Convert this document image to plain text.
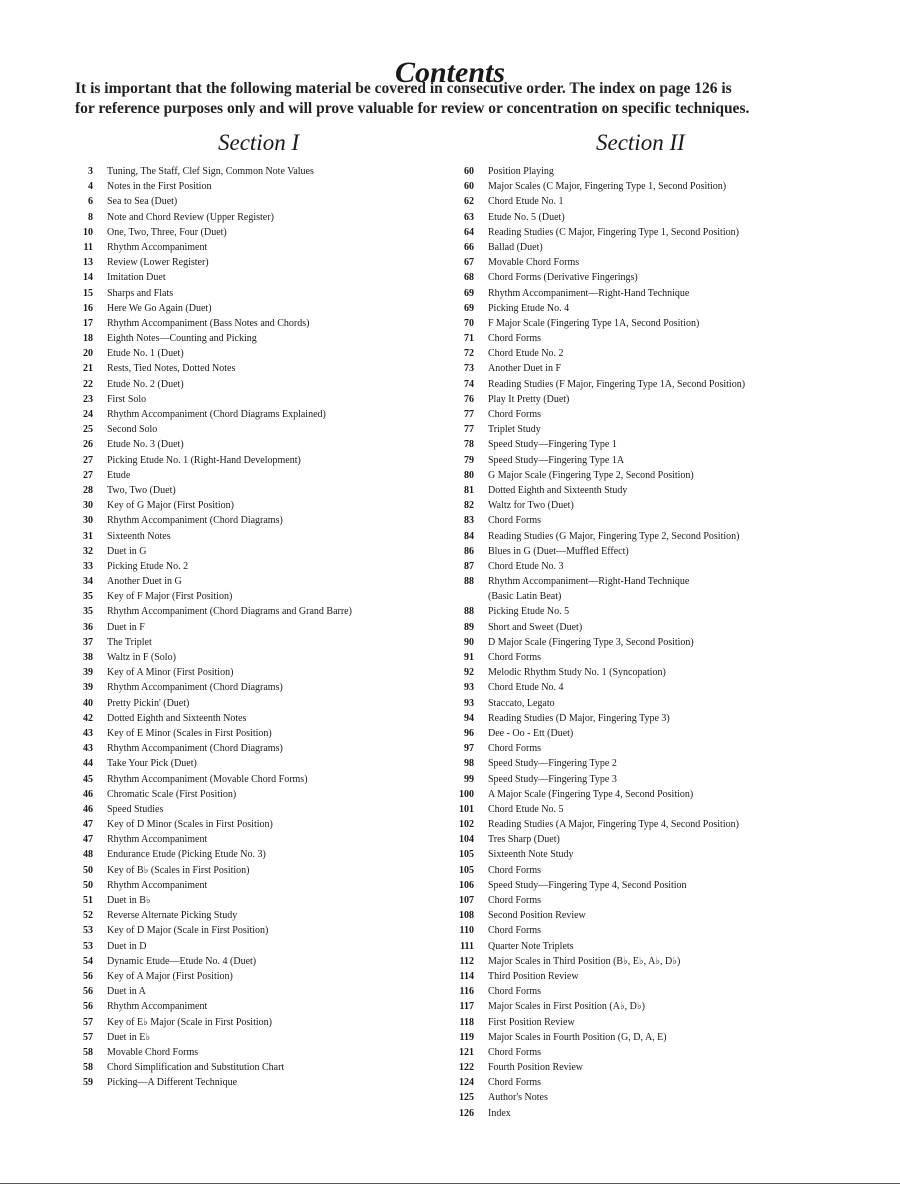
Contents
It is important that the following material be covered in consecutive order. The index on page 126 is
for reference purposes only and will prove valuable for review or concentration on specific techniques.
Section I	Section II
3 Tuning, The Staff, Clef Sign, Common Note Values
4 Notes in the First Position
6 Sea to Sea (Duet)
8 Note and Chord Review (Upper Register)
10 One, Two, Three, Four (Duet)
11 Rhythm Accompaniment
13 Review (Lower Register)
14 Imitation Duet
15 Sharps and Flats
16 Here We Go Again (Duet)
17 Rhythm Accompaniment (Bass Notes and Chords)
18 Eighth Notes—Counting and Picking
20 Etude No. 1 (Duet)
21 Rests, Tied Notes, Dotted Notes
22 Etude No. 2 (Duet)
23 First Solo
24 Rhythm Accompaniment (Chord Diagrams Explained)
25 Second Solo
26 Etude No. 3 (Duet)
27 Picking Etude No. 1 (Right-Hand Development)
27 Etude
28 Two, Two (Duet)
30 Key of G Major (First Position)
30 Rhythm Accompaniment (Chord Diagrams)
31 Sixteenth Notes
32 Duet in G
33 Picking Etude No. 2
34 Another Duet in G
35 Key of F Major (First Position)
35 Rhythm Accompaniment (Chord Diagrams and Grand Barre)
36 Duet in F
37 The Triplet
38 Waltz in F (Solo)
39 Key of A Minor (First Position)
39 Rhythm Accompaniment (Chord Diagrams)
40 Pretty Pickin' (Duet)
42 Dotted Eighth and Sixteenth Notes
43 Key of E Minor (Scales in First Position)
43 Rhythm Accompaniment (Chord Diagrams)
44 Take Your Pick (Duet)
45 Rhythm Accompaniment (Movable Chord Forms)
46 Chromatic Scale (First Position)
46 Speed Studies
47 Key of D Minor (Scales in First Position)
47 Rhythm Accompaniment
48 Endurance Etude (Picking Etude No. 3)
50 Key of B♭ (Scales in First Position)
50 Rhythm Accompaniment
51 Duet in B♭
52 Reverse Alternate Picking Study
53 Key of D Major (Scale in First Position)
53 Duet in D
54 Dynamic Etude—Etude No. 4 (Duet)
56 Key of A Major (First Position)
56 Duet in A
56 Rhythm Accompaniment
57 Key of E♭ Major (Scale in First Position)
57 Duet in E♭
58 Movable Chord Forms
58 Chord Simplification and Substitution Chart
59 Picking—A Different Technique
60 Position Playing
60 Major Scales (C Major, Fingering Type 1, Second Position)
62 Chord Etude No. 1
63 Etude No. 5 (Duet)
64 Reading Studies (C Major, Fingering Type 1, Second Position)
66 Ballad (Duet)
67 Movable Chord Forms
68 Chord Forms (Derivative Fingerings)
69 Rhythm Accompaniment—Right-Hand Technique
69 Picking Etude No. 4
70 F Major Scale (Fingering Type 1A, Second Position)
71 Chord Forms
72 Chord Etude No. 2
73 Another Duet in F
74 Reading Studies (F Major, Fingering Type 1A, Second Position)
76 Play It Pretty (Duet)
77 Chord Forms
77 Triplet Study
78 Speed Study—Fingering Type 1
79 Speed Study—Fingering Type 1A
80 G Major Scale (Fingering Type 2, Second Position)
81 Dotted Eighth and Sixteenth Study
82 Waltz for Two (Duet)
83 Chord Forms
84 Reading Studies (G Major, Fingering Type 2, Second Position)
86 Blues in G (Duet—Muffled Effect)
87 Chord Etude No. 3
88 Rhythm Accompaniment—Right-Hand Technique
(Basic Latin Beat)
88 Picking Etude No. 5
89 Short and Sweet (Duet)
90 D Major Scale (Fingering Type 3, Second Position)
91 Chord Forms
92 Melodic Rhythm Study No. 1 (Syncopation)
93 Chord Etude No. 4
93 Staccato, Legato
94 Reading Studies (D Major, Fingering Type 3)
96 Dee - Oo - Ett (Duet)
97 Chord Forms
98 Speed Study—Fingering Type 2
99 Speed Study—Fingering Type 3
100 A Major Scale (Fingering Type 4, Second Position)
101 Chord Etude No. 5
102 Reading Studies (A Major, Fingering Type 4, Second Position)
104 Tres Sharp (Duet)
105 Sixteenth Note Study
105 Chord Forms
106 Speed Study—Fingering Type 4, Second Position
107 Chord Forms
108 Second Position Review
110 Chord Forms
111 Quarter Note Triplets
112 Major Scales in Third Position (B♭, E♭, A♭, D♭)
114 Third Position Review
116 Chord Forms
117 Major Scales in First Position (A♭, D♭)
118 First Position Review
119 Major Scales in Fourth Position (G, D, A, E)
121 Chord Forms
122 Fourth Position Review
124 Chord Forms
125 Author's Notes
126 Index
